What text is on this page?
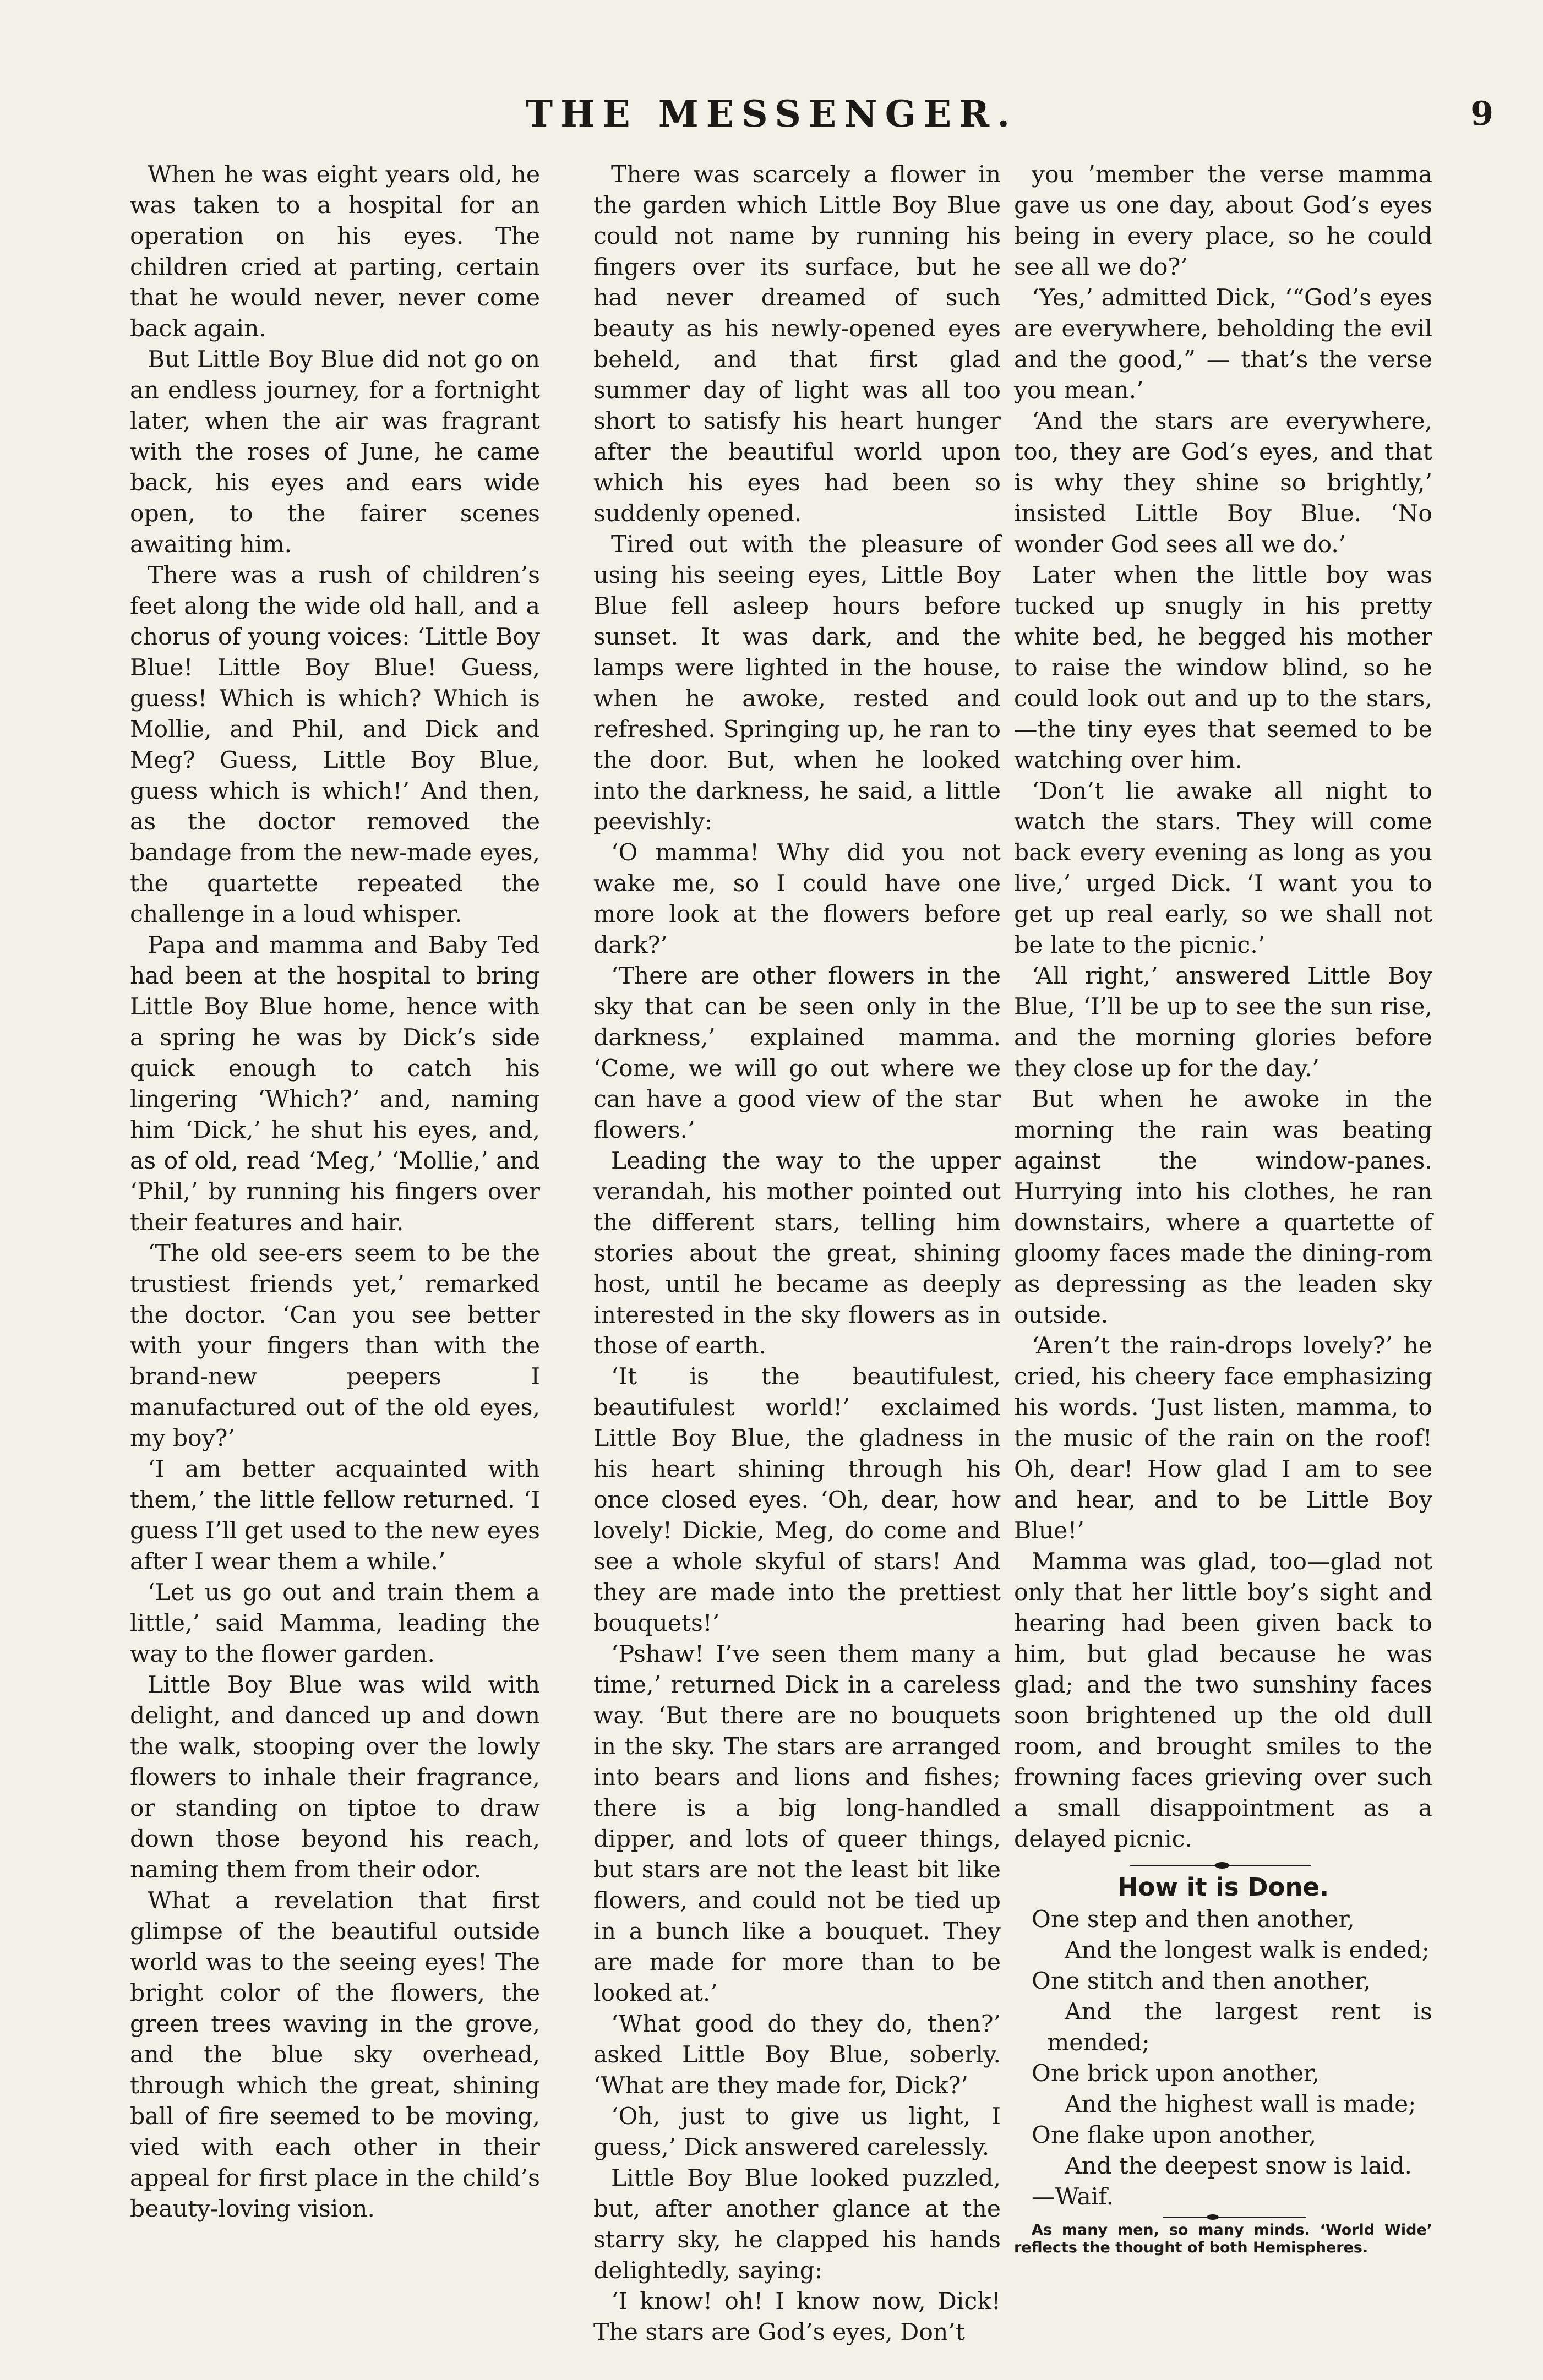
THE MESSENGER.	9

When he was eight years old, he was taken to a hospital for an operation on his eyes. The children cried at parting, certain that he would never, never come back again.

But Little Boy Blue did not go on an endless journey, for a fortnight later, when the air was fragrant with the roses of June, he came back, his eyes and ears wide open, to the fairer scenes awaiting him.

There was a rush of children’s feet along the wide old hall, and a chorus of young voices: ‘Little Boy Blue! Little Boy Blue! Guess, guess! Which is which? Which is Mollie, and Phil, and Dick and Meg? Guess, Little Boy Blue, guess which is which!’ And then, as the doctor removed the bandage from the new-made eyes, the quartette repeated the challenge in a loud whisper.

Papa and mamma and Baby Ted had been at the hospital to bring Little Boy Blue home, hence with a spring he was by Dick’s side quick enough to catch his lingering ‘Which?’ and, naming him ‘Dick,’ he shut his eyes, and, as of old, read ‘Meg,’ ‘Mollie,’ and ‘Phil,’ by running his fingers over their features and hair.

‘The old see-ers seem to be the trustiest friends yet,’ remarked the doctor. ‘Can you see better with your fingers than with the brand-new peepers I manufactured out of the old eyes, my boy?’

‘I am better acquainted with them,’ the little fellow returned. ‘I guess I’ll get used to the new eyes after I wear them a while.’

‘Let us go out and train them a little,’ said Mamma, leading the way to the flower garden.

Little Boy Blue was wild with delight, and danced up and down the walk, stooping over the lowly flowers to inhale their fragrance, or standing on tiptoe to draw down those beyond his reach, naming them from their odor.

What a revelation that first glimpse of the beautiful outside world was to the seeing eyes! The bright color of the flowers, the green trees waving in the grove, and the blue sky overhead, through which the great, shining ball of fire seemed to be moving, vied with each other in their appeal for first place in the child’s beauty-loving vision.

There was scarcely a flower in the garden which Little Boy Blue could not name by running his fingers over its surface, but he had never dreamed of such beauty as his newly-opened eyes beheld, and that first glad summer day of light was all too short to satisfy his heart hunger after the beautiful world upon which his eyes had been so suddenly opened.

Tired out with the pleasure of using his seeing eyes, Little Boy Blue fell asleep hours before sunset. It was dark, and the lamps were lighted in the house, when he awoke, rested and refreshed. Springing up, he ran to the door. But, when he looked into the darkness, he said, a little peevishly:

‘O mamma! Why did you not wake me, so I could have one more look at the flowers before dark?’

‘There are other flowers in the sky that can be seen only in the darkness,’ explained mamma. ‘Come, we will go out where we can have a good view of the star flowers.’

Leading the way to the upper verandah, his mother pointed out the different stars, telling him stories about the great, shining host, until he became as deeply interested in the sky flowers as in those of earth.

‘It is the beautifulest, beautifulest world!’ exclaimed Little Boy Blue, the gladness in his heart shining through his once closed eyes. ‘Oh, dear, how lovely! Dickie, Meg, do come and see a whole skyful of stars! And they are made into the prettiest bouquets!’

‘Pshaw! I’ve seen them many a time,’ returned Dick in a careless way. ‘But there are no bouquets in the sky. The stars are arranged into bears and lions and fishes; there is a big long-handled dipper, and lots of queer things, but stars are not the least bit like flowers, and could not be tied up in a bunch like a bouquet. They are made for more than to be looked at.’

‘What good do they do, then?’ asked Little Boy Blue, soberly. ‘What are they made for, Dick?’

‘Oh, just to give us light, I guess,’ Dick answered carelessly.

Little Boy Blue looked puzzled, but, after another glance at the starry sky, he clapped his hands delightedly, saying:

‘I know! oh! I know now, Dick! The stars are God’s eyes, Don’t

you ’member the verse mamma gave us one day, about God’s eyes being in every place, so he could see all we do?’

‘Yes,’ admitted Dick, ‘“God’s eyes are everywhere, beholding the evil and the good,” — that’s the verse you mean.’

‘And the stars are everywhere, too, they are God’s eyes, and that is why they shine so brightly,’ insisted Little Boy Blue. ‘No wonder God sees all we do.’

Later when the little boy was tucked up snugly in his pretty white bed, he begged his mother to raise the window blind, so he could look out and up to the stars,—the tiny eyes that seemed to be watching over him.

‘Don’t lie awake all night to watch the stars. They will come back every evening as long as you live,’ urged Dick. ‘I want you to get up real early, so we shall not be late to the picnic.’

‘All right,’ answered Little Boy Blue, ‘I’ll be up to see the sun rise, and the morning glories before they close up for the day.’

But when he awoke in the morning the rain was beating against the window-panes. Hurrying into his clothes, he ran downstairs, where a quartette of gloomy faces made the dining-rom as depressing as the leaden sky outside.

‘Aren’t the rain-drops lovely?’ he cried, his cheery face emphasizing his words. ‘Just listen, mamma, to the music of the rain on the roof! Oh, dear! How glad I am to see and hear, and to be Little Boy Blue!’

Mamma was glad, too—glad not only that her little boy’s sight and hearing had been given back to him, but glad because he was glad; and the two sunshiny faces soon brightened up the old dull room, and brought smiles to the frowning faces grieving over such a small disappointment as a delayed picnic.

How it is Done.

One step and then another,

And the longest walk is ended;

One stitch and then another,

And the largest rent is mended;

One brick upon another,

And the highest wall is made;

One flake upon another,

And the deepest snow is laid.

—Waif.

As many men, so many minds. ‘World Wide’ reflects the thought of both Hemispheres.
